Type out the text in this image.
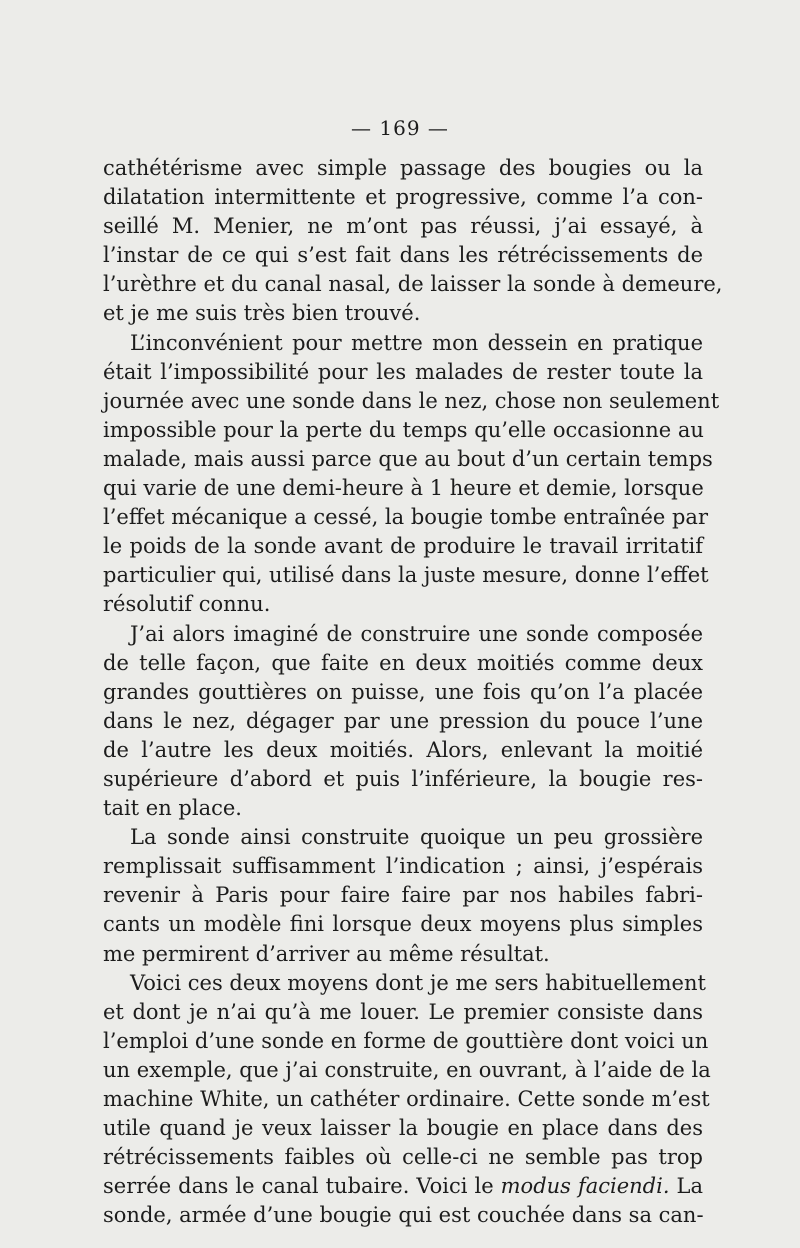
— 169 —
cathétérisme avec simple passage des bougies ou la
dilatation intermittente et progressive, comme l’a con-
seillé M. Menier, ne m’ont pas réussi, j’ai essayé, à
l’instar de ce qui s’est fait dans les rétrécissements de
l’urèthre et du canal nasal, de laisser la sonde à demeure,
et je me suis très bien trouvé.
L’inconvénient pour mettre mon dessein en pratique
était l’impossibilité pour les malades de rester toute la
journée avec une sonde dans le nez, chose non seulement
impossible pour la perte du temps qu’elle occasionne au
malade, mais aussi parce que au bout d’un certain temps
qui varie de une demi-heure à 1 heure et demie, lorsque
l’effet mécanique a cessé, la bougie tombe entraînée par
le poids de la sonde avant de produire le travail irritatif
particulier qui, utilisé dans la juste mesure, donne l’effet
résolutif connu.
J’ai alors imaginé de construire une sonde composée
de telle façon, que faite en deux moitiés comme deux
grandes gouttières on puisse, une fois qu’on l’a placée
dans le nez, dégager par une pression du pouce l’une
de l’autre les deux moitiés. Alors, enlevant la moitié
supérieure d’abord et puis l’inférieure, la bougie res-
tait en place.
La sonde ainsi construite quoique un peu grossière
remplissait suffisamment l’indication ; ainsi, j’espérais
revenir à Paris pour faire faire par nos habiles fabri-
cants un modèle fini lorsque deux moyens plus simples
me permirent d’arriver au même résultat.
Voici ces deux moyens dont je me sers habituellement
et dont je n’ai qu’à me louer. Le premier consiste dans
l’emploi d’une sonde en forme de gouttière dont voici un
un exemple, que j’ai construite, en ouvrant, à l’aide de la
machine White, un cathéter ordinaire. Cette sonde m’est
utile quand je veux laisser la bougie en place dans des
rétrécissements faibles où celle-ci ne semble pas trop
serrée dans le canal tubaire. Voici le modus faciendi. La
sonde, armée d’une bougie qui est couchée dans sa can-
